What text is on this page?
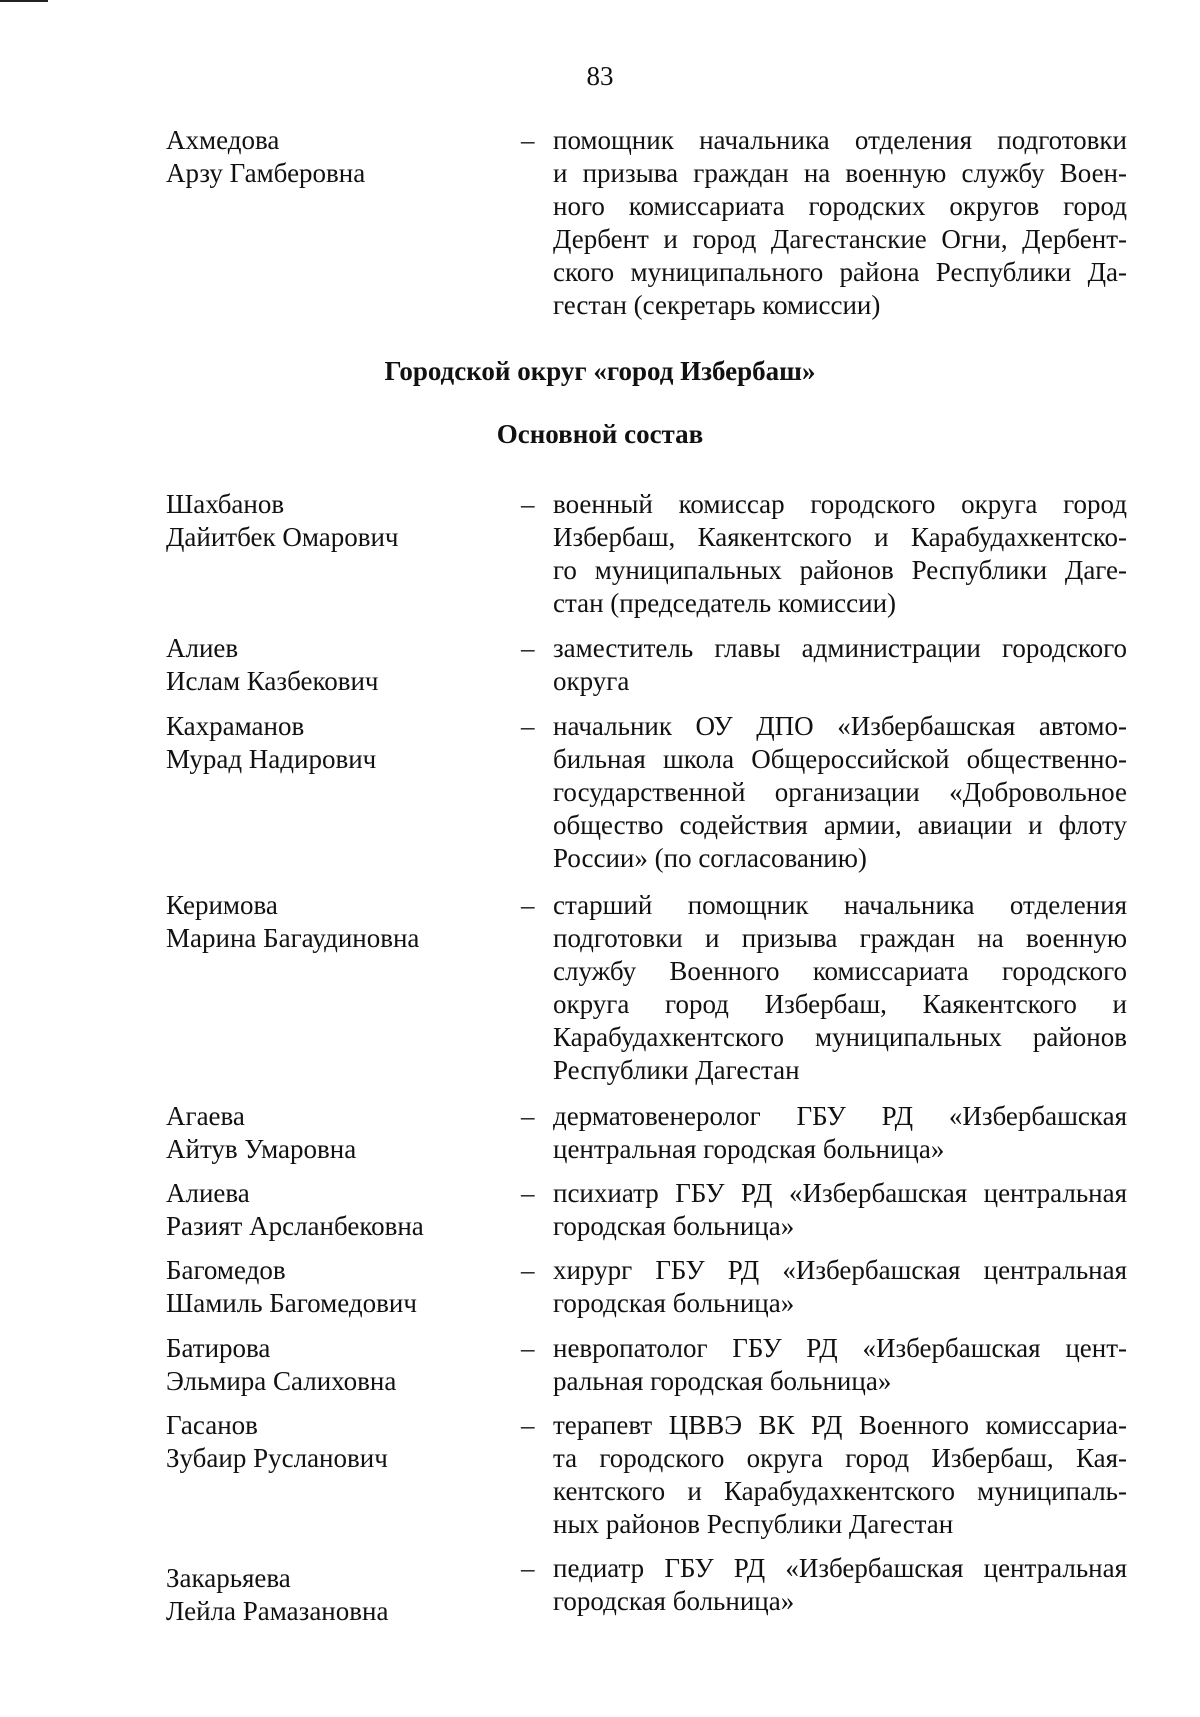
83
Ахмедова
Арзу Гамберовна
– помощник начальника отделения подготовки
и призыва граждан на военную службу Воен-
ного комиссариата городских округов город
Дербент и город Дагестанские Огни, Дербент-
ского муниципального района Республики Да-
гестан (секретарь комиссии)
Городской округ «город Избербаш»
Основной состав
Шахбанов
Дайитбек Омарович
– военный комиссар городского округа город
Избербаш, Каякентского и Карабудахкентско-
го муниципальных районов Республики Даге-
стан (председатель комиссии)
Алиев
Ислам Казбекович
– заместитель главы администрации городского
округа
Кахраманов
Мурад Надирович
– начальник ОУ ДПО «Избербашская автомо-
бильная школа Общероссийской общественно-
государственной организации «Добровольное
общество содействия армии, авиации и флоту
России» (по согласованию)
Керимова
Марина Багаудиновна
– старший помощник начальника отделения
подготовки и призыва граждан на военную
службу Военного комиссариата городского
округа город Избербаш, Каякентского и
Карабудахкентского муниципальных районов
Республики Дагестан
Агаева
Айтув Умаровна
– дерматовенеролог ГБУ РД «Избербашская
центральная городская больница»
Алиева
Разият Арсланбековна
– психиатр ГБУ РД «Избербашская центральная
городская больница»
Багомедов
Шамиль Багомедович
– хирург ГБУ РД «Избербашская центральная
городская больница»
Батирова
Эльмира Салиховна
– невропатолог ГБУ РД «Избербашская цент-
ральная городская больница»
Гасанов
Зубаир Русланович
– терапевт ЦВВЭ ВК РД Военного комиссариа-
та городского округа город Избербаш, Кая-
кентского и Карабудахкентского муниципаль-
ных районов Республики Дагестан
Закарьяева
Лейла Рамазановна
– педиатр ГБУ РД «Избербашская центральная
городская больница»
